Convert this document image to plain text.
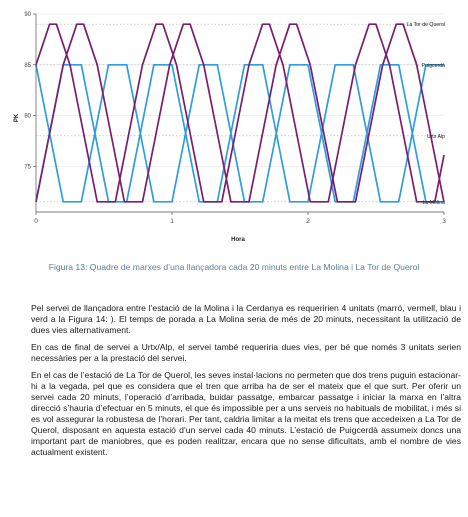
0	1	2	3
75
80
85
90
La Tor de Querol
Puigcerdà
Urtx Alp
La Molina
Hora
PK
Figura 13: Quadre de marxes d’una llançadora cada 20 minuts entre La Molina i La Tor de Querol

Pel servei de llançadora entre l’estació de la Molina i la Cerdanya es requeririen 4 unitats (marró, vermell, blau i verd a la Figura 14: ). El temps de porada a La Molina seria de més de 20 minuts, necessitant la utilització de dues vies alternativament.

En cas de final de servei a Urtx/Alp, el servei també requeriria dues vies, per bé que només 3 unitats serien necessàries per a la prestació del servei.

En el cas de l’estació de La Tor de Querol, les seves instal·lacions no permeten que dos trens puguin estacionar-hi a la vegada, pel que es considera que el tren que arriba ha de ser el mateix que el que surt. Per oferir un servei cada 20 minuts, l’operació d’arribada, buidar passatge, embarcar passatge i iniciar la marxa en l’altra direcció s’hauria d’efectuar en 5 minuts, el que és impossible per a uns serveis no habituals de mobilitat, i més si es vol assegurar la robustesa de l’horari. Per tant, caldria limitar a la meitat els trens que accedeixen a La Tor de Querol, disposant en aquesta estació d’un servei cada 40 minuts. L’estació de Puigcerdà assumeix doncs una important part de maniobres, que es poden realitzar, encara que no sense dificultats, amb el nombre de vies actualment existent.
